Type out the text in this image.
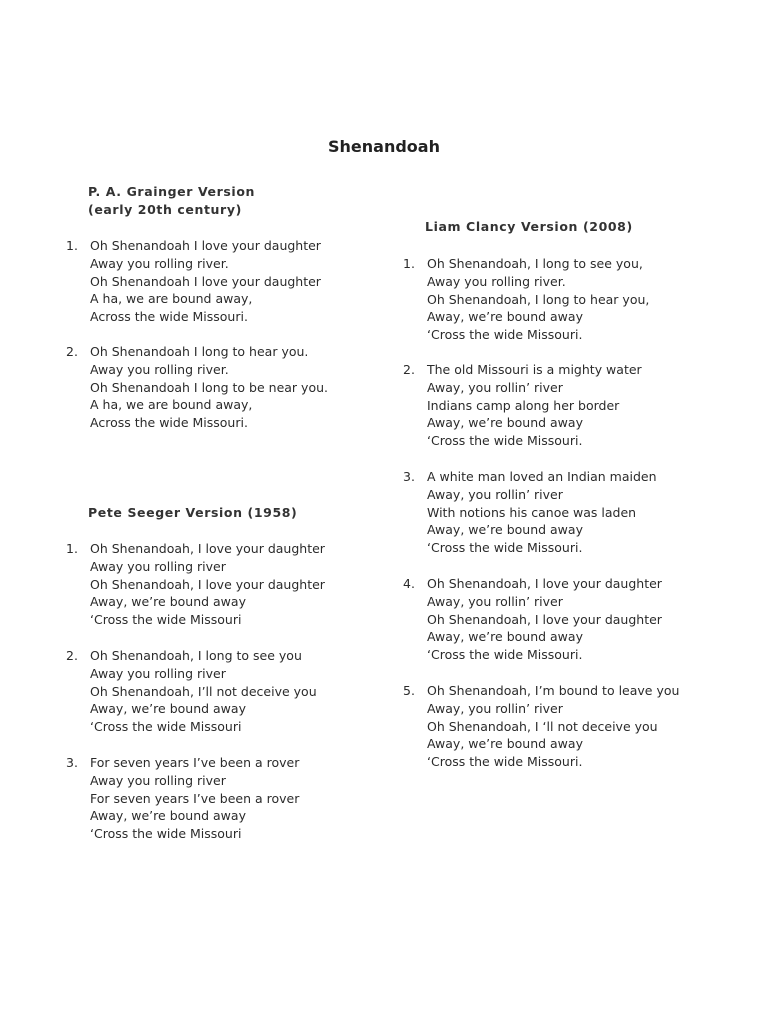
Shenandoah
P. A. Grainger Version
(early 20th century)
1. Oh Shenandoah I love your daughter
Away you rolling river.
Oh Shenandoah I love your daughter
A ha, we are bound away,
Across the wide Missouri.
2. Oh Shenandoah I long to hear you.
Away you rolling river.
Oh Shenandoah I long to be near you.
A ha, we are bound away,
Across the wide Missouri.
Pete Seeger Version (1958)
1. Oh Shenandoah, I love your daughter
Away you rolling river
Oh Shenandoah, I love your daughter
Away, we’re bound away
‘Cross the wide Missouri
2. Oh Shenandoah, I long to see you
Away you rolling river
Oh Shenandoah, I’ll not deceive you
Away, we’re bound away
‘Cross the wide Missouri
3. For seven years I’ve been a rover
Away you rolling river
For seven years I’ve been a rover
Away, we’re bound away
‘Cross the wide Missouri
Liam Clancy Version (2008)
1. Oh Shenandoah, I long to see you,
Away you rolling river.
Oh Shenandoah, I long to hear you,
Away, we’re bound away
‘Cross the wide Missouri.
2. The old Missouri is a mighty water
Away, you rollin’ river
Indians camp along her border
Away, we’re bound away
‘Cross the wide Missouri.
3. A white man loved an Indian maiden
Away, you rollin’ river
With notions his canoe was laden
Away, we’re bound away
‘Cross the wide Missouri.
4. Oh Shenandoah, I love your daughter
Away, you rollin’ river
Oh Shenandoah, I love your daughter
Away, we’re bound away
‘Cross the wide Missouri.
5. Oh Shenandoah, I’m bound to leave you
Away, you rollin’ river
Oh Shenandoah, I ‘ll not deceive you
Away, we’re bound away
‘Cross the wide Missouri.
